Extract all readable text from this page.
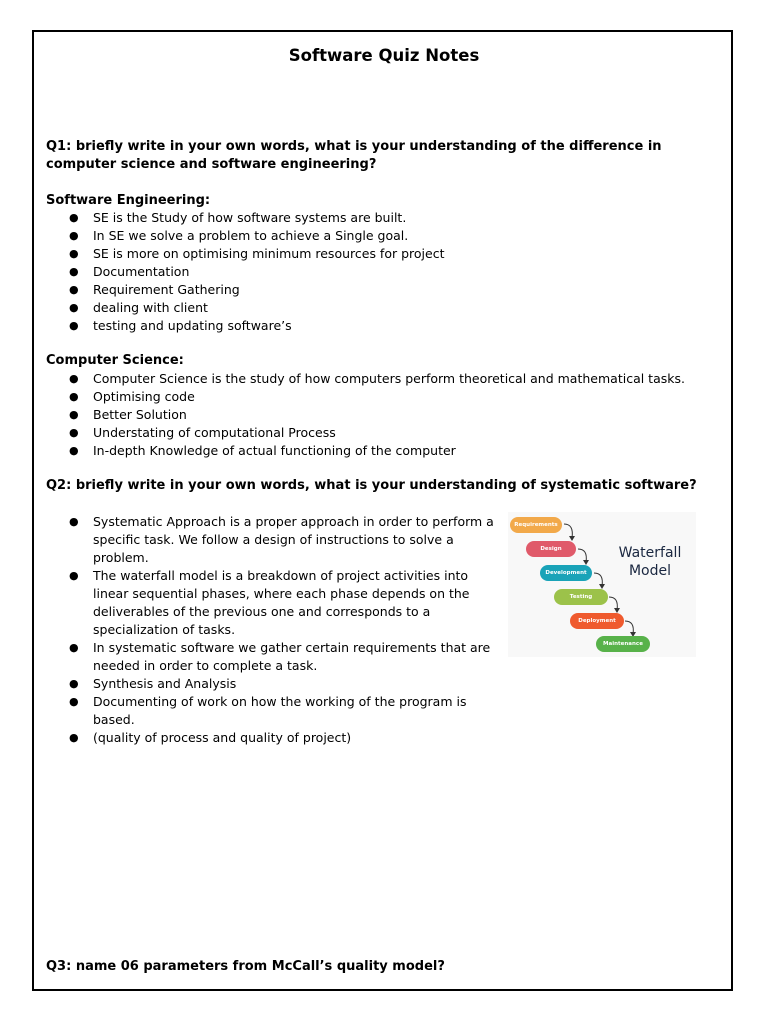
Software Quiz Notes
Q1: briefly write in your own words, what is your understanding of the difference in computer science and software engineering?
Software Engineering:
● SE is the Study of how software systems are built.
● In SE we solve a problem to achieve a Single goal.
● SE is more on optimising minimum resources for project
● Documentation
● Requirement Gathering
● dealing with client
● testing and updating software’s
Computer Science:
● Computer Science is the study of how computers perform theoretical and mathematical tasks.
● Optimising code
● Better Solution
● Understating of computational Process
● In-depth Knowledge of actual functioning of the computer
Q2: briefly write in your own words, what is your understanding of systematic software?
● Systematic Approach is a proper approach in order to perform a specific task. We follow a design of instructions to solve a problem.
● The waterfall model is a breakdown of project activities into linear sequential phases, where each phase depends on the deliverables of the previous one and corresponds to a specialization of tasks.
● In systematic software we gather certain requirements that are needed in order to complete a task.
● Synthesis and Analysis
● Documenting of work on how the working of the program is based.
● (quality of process and quality of project)
Requirements
Design
Development
Testing
Deployment
Maintenance
Waterfall Model
Q3: name 06 parameters from McCall’s quality model?
